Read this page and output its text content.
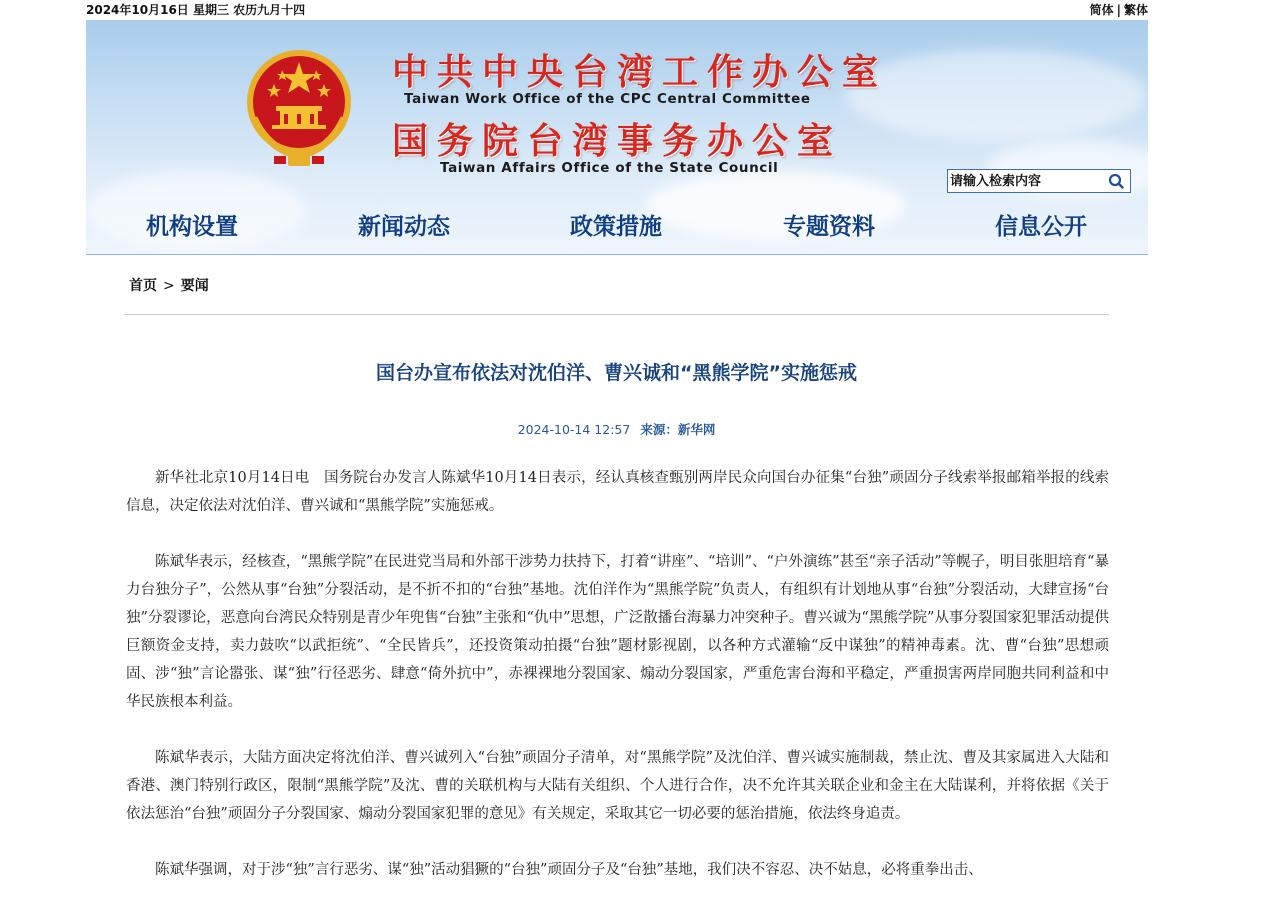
2024年10月16日 星期三 农历九月十四	简体 | 繁体
中共中央台湾工作办公室
Taiwan Work Office of the CPC Central Committee
国务院台湾事务办公室
Taiwan Affairs Office of the State Council
请输入检索内容
机构设置	新闻动态	政策措施	专题资料	信息公开
首页 > 要闻
国台办宣布依法对沈伯洋、曹兴诚和“黑熊学院”实施惩戒
2024-10-14 12:57 来源：新华网

新华社北京10月14日电　国务院台办发言人陈斌华10月14日表示，经认真核查甄别两岸民众向国台办征集“台独”顽固分子线索举报邮箱举报的线索信息，决定依法对沈伯洋、曹兴诚和“黑熊学院”实施惩戒。

陈斌华表示，经核查，“黑熊学院”在民进党当局和外部干涉势力扶持下，打着“讲座”、“培训”、“户外演练”甚至“亲子活动”等幌子，明目张胆培育“暴力台独分子”，公然从事“台独”分裂活动，是不折不扣的“台独”基地。沈伯洋作为“黑熊学院”负责人，有组织有计划地从事“台独”分裂活动，大肆宣扬“台独”分裂谬论，恶意向台湾民众特别是青少年兜售“台独”主张和“仇中”思想，广泛散播台海暴力冲突种子。曹兴诚为“黑熊学院”从事分裂国家犯罪活动提供巨额资金支持，卖力鼓吹“以武拒统”、“全民皆兵”，还投资策动拍摄“台独”题材影视剧，以各种方式灌输“反中谋独”的精神毒素。沈、曹“台独”思想顽固、涉“独”言论嚣张、谋“独”行径恶劣、肆意“倚外抗中”，赤裸裸地分裂国家、煽动分裂国家，严重危害台海和平稳定，严重损害两岸同胞共同利益和中华民族根本利益。

陈斌华表示，大陆方面决定将沈伯洋、曹兴诚列入“台独”顽固分子清单，对“黑熊学院”及沈伯洋、曹兴诚实施制裁，禁止沈、曹及其家属进入大陆和香港、澳门特别行政区，限制“黑熊学院”及沈、曹的关联机构与大陆有关组织、个人进行合作，决不允许其关联企业和金主在大陆谋利，并将依据《关于依法惩治“台独”顽固分子分裂国家、煽动分裂国家犯罪的意见》有关规定，采取其它一切必要的惩治措施，依法终身追责。

陈斌华强调，对于涉“独”言行恶劣、谋“独”活动猖獗的“台独”顽固分子及“台独”基地，我们决不容忍、决不姑息，必将重拳出击、
